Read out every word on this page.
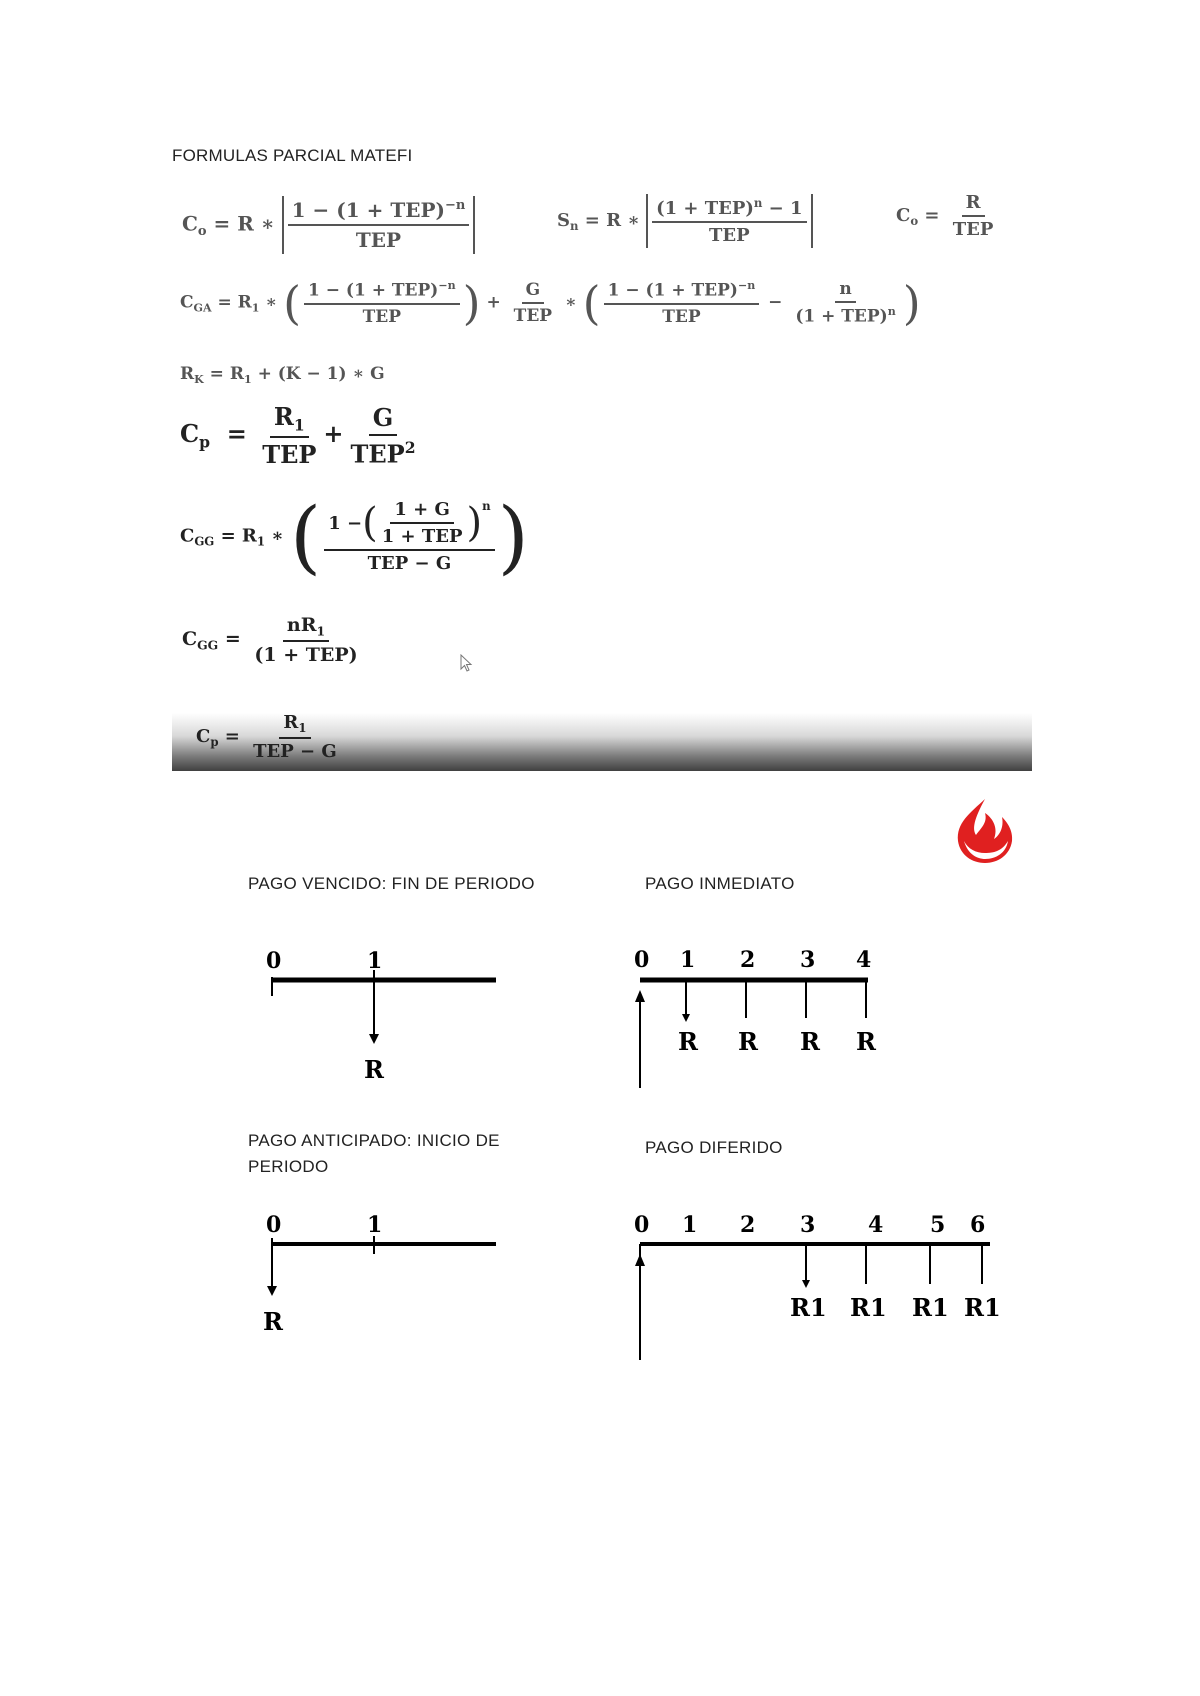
FORMULAS PARCIAL MATEFI
$C_o = R$ ∗ $\frac{1 - (1 + TEP)^{-n}}{\text{TEP}}$	$S_n = R$ ∗ $\frac{(1 + TEP)^n - 1}{\text{TEP}}$	$C_o = \frac{R}{\text{TEP}}$
$C_{GA} = R_1$ ∗ ( $\frac{1 - (1 + TEP)^{-n}}{\text{TEP}}$ ) + $\frac{G}{\text{TEP}}$ ∗ ( $\frac{1 - (1 + TEP)^{-n}}{\text{TEP}} - \frac{n}{(1 + TEP)^n}$ )
$R_K = R_1 + (K - 1)$ ∗ G
$C_p = \frac{R_1}{\text{TEP}} + \frac{G}{TEP^2}$
$C_{GG} = R_1$ ∗ ( $\frac{1 - ( \frac{1 + G}{\text{1 + TEP}} ) n}{\text{TEP − G}}$ )
$C_{GG} = \frac{nR_1}{\text{(1 + TEP)}}$
$C_p = \frac{R_1}{\text{TEP − G}}$
PAGO VENCIDO: FIN DE PERIODO	PAGO INMEDIATO
PAGO ANTICIPADO: INICIO DE
PERIODO
PAGO DIFERIDO
0	1
R
0 1 2 3 4
R R R R
0	1
R
0 1 2 3 4 5 6
R1 R1 R1 R1
